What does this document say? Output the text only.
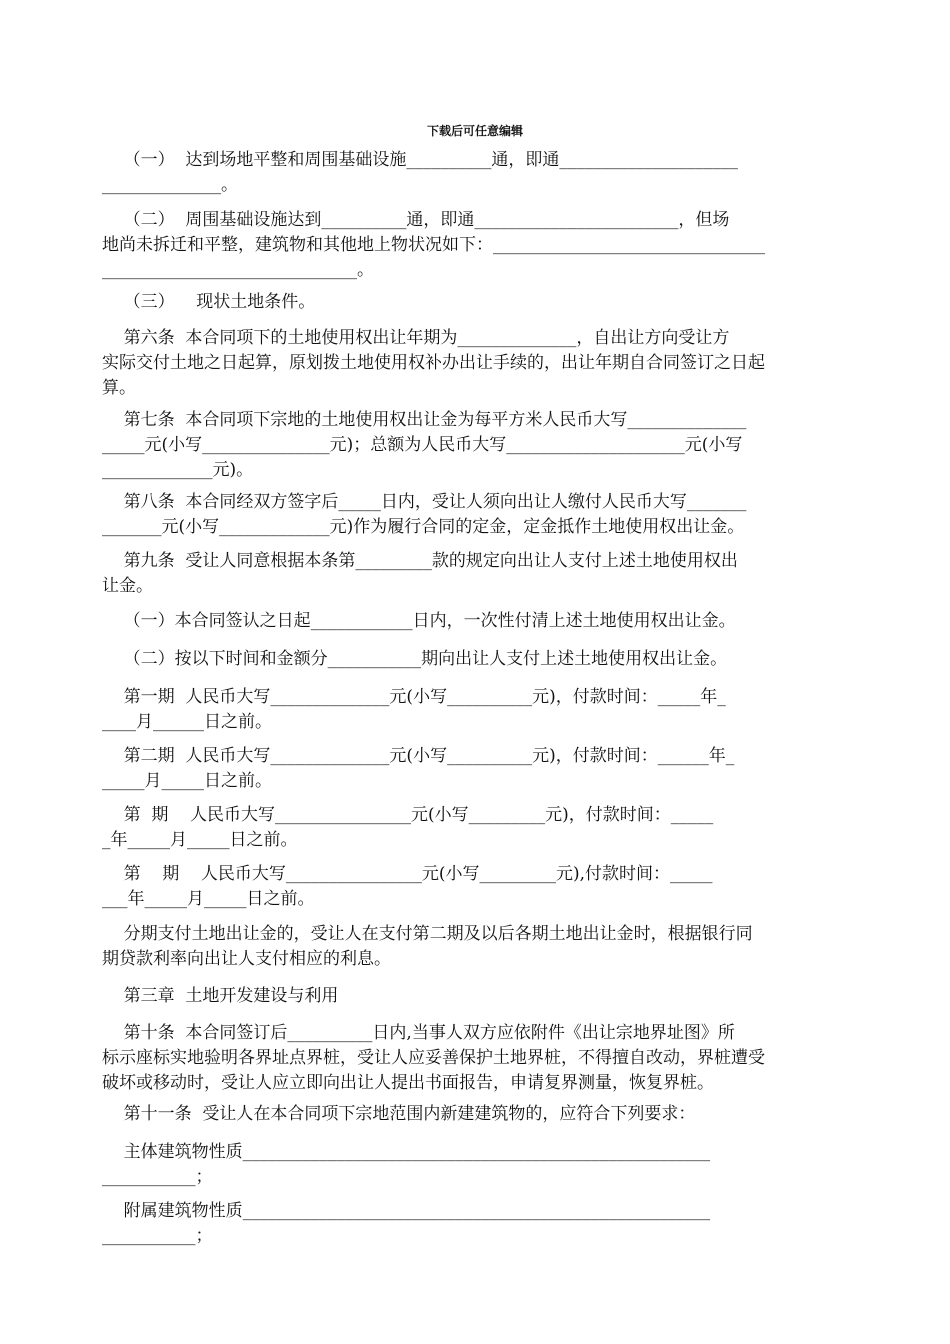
下载后可任意编辑
（一）  达到场地平整和周围基础设施__________通，即通_____________________
______________。
（二）  周围基础设施达到__________通，即通________________________，但场
地尚未拆迁和平整，建筑物和其他地上物状况如下：________________________________
______________________________。
（三）    现状土地条件。
第六条  本合同项下的土地使用权出让年期为______________，自出让方向受让方
实际交付土地之日起算，原划拨土地使用权补办出让手续的，出让年期自合同签订之日起
算。
第七条  本合同项下宗地的土地使用权出让金为每平方米人民币大写______________
_____元(小写_______________元)；总额为人民币大写_____________________元(小写
_____________元)。
第八条  本合同经双方签字后_____日内，受让人须向出让人缴付人民币大写_______
_______元(小写_____________元)作为履行合同的定金，定金抵作土地使用权出让金。
第九条  受让人同意根据本条第_________款的规定向出让人支付上述土地使用权出
让金。
（一）本合同签认之日起____________日内，一次性付清上述土地使用权出让金。
（二）按以下时间和金额分___________期向出让人支付上述土地使用权出让金。
第一期  人民币大写______________元(小写__________元)，付款时间：_____年_
____月______日之前。
第二期  人民币大写______________元(小写__________元)，付款时间：______年_
_____月_____日之前。
第  期    人民币大写________________元(小写_________元)，付款时间：_____
_年_____月_____日之前。
第    期    人民币大写________________元(小写_________元),付款时间：_____
___年_____月_____日之前。
分期支付土地出让金的，受让人在支付第二期及以后各期土地出让金时，根据银行同
期贷款利率向出让人支付相应的利息。
第三章  土地开发建设与利用
第十条  本合同签订后__________日内,当事人双方应依附件《出让宗地界址图》所
标示座标实地验明各界址点界桩，受让人应妥善保护土地界桩，不得擅自改动，界桩遭受
破坏或移动时，受让人应立即向出让人提出书面报告，申请复界测量，恢复界桩。
第十一条  受让人在本合同项下宗地范围内新建建筑物的，应符合下列要求：
主体建筑物性质_______________________________________________________
___________；
附属建筑物性质_______________________________________________________
___________；
